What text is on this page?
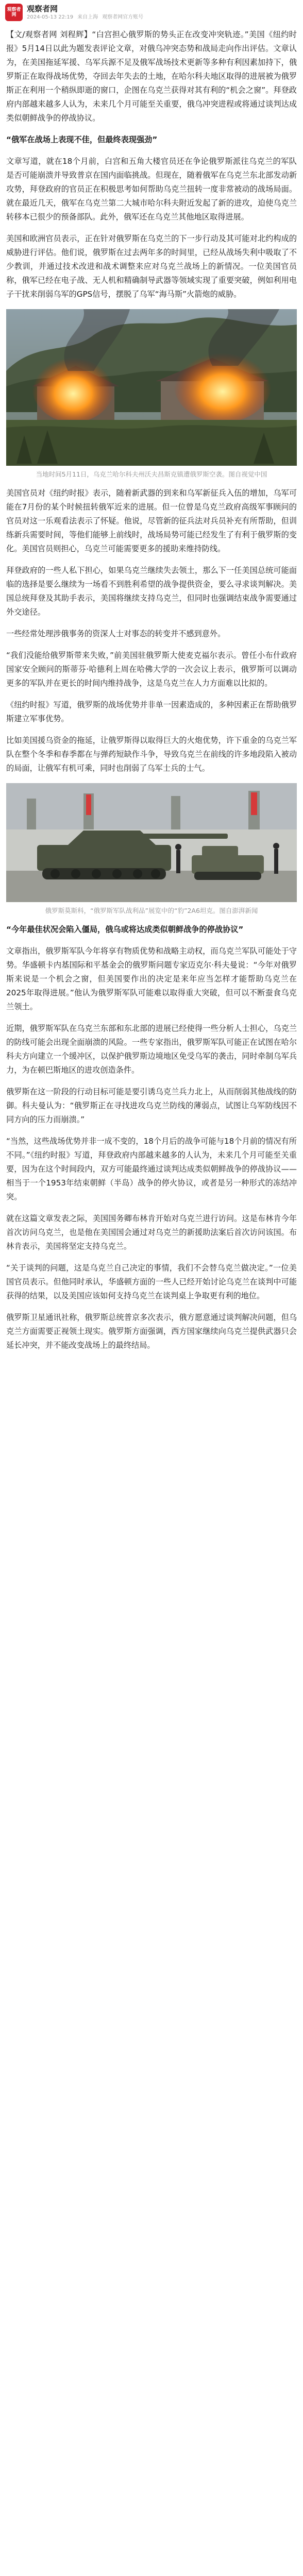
观察者网
观察者网
2024-05-13 22:19 来自上海 观察者网官方账号

【文/观察者网 刘程辉】“白宫担心俄罗斯的势头正在改变冲突轨迹。”美国《纽约时报》5月14日以此为题发表评论文章，对俄乌冲突态势和战局走向作出评估。文章认为，在美国拖延军援、乌军兵源不足及俄军战场技术更新等多种有利因素加持下，俄罗斯正在取得战场优势，夺回去年失去的土地，在哈尔科夫地区取得的进展被为俄罗斯正在利用一个稍纵即逝的窗口，企图在乌克兰获得对其有利的“机会之窗”。拜登政府内部越来越多人认为，未来几个月可能至关重要，俄乌冲突进程或将通过谈判达成类似朝鲜战争的停战协议。

“俄军在战场上表现不佳，但最终表现强劲”

文章写道，就在18个月前，白宫和五角大楼官员还在争论俄罗斯派往乌克兰的军队是否可能崩溃并导致普京在国内面临挑战。但现在，随着俄军在乌克兰东北部发动新攻势，拜登政府的官员正在积极思考如何帮助乌克兰扭转一度非常被动的战场局面。就在最近几天，俄军在乌克兰第二大城市哈尔科夫附近发起了新的进攻，迫使乌克兰转移本已很少的预备部队。此外，俄军还在乌克兰其他地区取得进展。

美国和欧洲官员表示，正在针对俄罗斯在乌克兰的下一步行动及其可能对北约构成的威胁进行评估。他们说，俄罗斯在过去两年多的时间里，已经从战场失利中吸取了不少教训，并通过技术改进和战术调整来应对乌克兰战场上的新情况。一位美国官员称，俄军已经在电子战、无人机和精确制导武器等领域实现了重要突破，例如利用电子干扰来削弱乌军的GPS信号，摆脱了乌军“海马斯”火箭炮的威胁。

当地时间5月11日，乌克兰哈尔科夫州沃夫昌斯克镇遭俄罗斯空袭。图自视觉中国

美国官员对《纽约时报》表示，随着新武器的到来和乌军新征兵入伍的增加，乌军可能在7月份的某个时候扭转俄军近来的进展。但一位曾是乌克兰政府高级军事顾问的官员对这一乐观看法表示了怀疑。他说，尽管新的征兵法对兵员补充有所帮助，但训练新兵需要时间，等他们能够上前线时，战场局势可能已经发生了有利于俄罗斯的变化。美国官员则担心，乌克兰可能需要更多的援助来维持防线。

拜登政府的一些人私下担心，如果乌克兰继续失去领土，那么下一任美国总统可能面临的选择是要么继续为一场看不到胜利希望的战争提供资金，要么寻求谈判解决。美国总统拜登及其助手表示，美国将继续支持乌克兰，但同时也强调结束战争需要通过外交途径。

一些经常处理涉俄事务的资深人士对事态的转变并不感到意外。

“我们没能给俄罗斯带来失败，”前美国驻俄罗斯大使麦克福尔表示。曾任小布什政府国家安全顾问的斯蒂芬·哈德利上周在哈佛大学的一次会议上表示，俄罗斯可以调动更多的军队并在更长的时间内维持战争，这是乌克兰在人力方面难以比拟的。

《纽约时报》写道，俄罗斯的战场优势并非单一因素造成的，多种因素正在帮助俄罗斯建立军事优势。

比如美国援乌资金的拖延，让俄罗斯得以取得巨大的火炮优势，许下重金的乌克兰军队在整个冬季和春季都在与弹药短缺作斗争，导致乌克兰在前线的许多地段陷入被动的局面，让俄军有机可乘，同时也削弱了乌军士兵的士气。

俄罗斯莫斯科，“俄罗斯军队战利品”展览中的“豹”2A6坦克。图自澎湃新闻

“今年最佳状况会陷入僵局，俄乌或将达成类似朝鲜战争的停战协议”

文章指出，俄罗斯军队今年将享有物质优势和战略主动权，而乌克兰军队可能处于守势。华盛顿卡内基国际和平基金会的俄罗斯问题专家迈克尔·科夫曼说：“今年对俄罗斯来说是一个机会之窗，但美国要作出的决定是来年应当怎样才能帮助乌克兰在2025年取得进展。”他认为俄罗斯军队可能难以取得重大突破，但可以不断蚕食乌克兰领土。

近期，俄罗斯军队在乌克兰东部和东北部的进展已经使得一些分析人士担心，乌克兰的防线可能会出现全面崩溃的风险。一些专家指出，俄罗斯军队可能正在试图在哈尔科夫方向建立一个缓冲区，以保护俄罗斯边境地区免受乌军的袭击，同时牵制乌军兵力，为在顿巴斯地区的进攻创造条件。

俄罗斯在这一阶段的行动目标可能是要引诱乌克兰兵力北上，从而削弱其他战线的防御。科夫曼认为：“俄罗斯正在寻找进攻乌克兰防线的薄弱点，试图让乌军防线因不同方向的压力而崩溃。”

“当然，这些战场优势并非一成不变的，18个月后的战争可能与18个月前的情况有所不同。”《纽约时报》写道，拜登政府内部越来越多的人认为，未来几个月可能至关重要，因为在这个时间段内，双方可能最终通过谈判达成类似朝鲜战争的停战协议——相当于一个1953年结束朝鲜（半岛）战争的停火协议，或者是另一种形式的冻结冲突。

就在这篇文章发表之际，美国国务卿布林肯开始对乌克兰进行访问。这是布林肯今年首次访问乌克兰，也是他在美国国会通过对乌克兰的新援助法案后首次访问该国。布林肯表示，美国将坚定支持乌克兰。

“关于谈判的问题，这是乌克兰自己决定的事情，我们不会替乌克兰做决定。”一位美国官员表示。但他同时承认，华盛顿方面的一些人已经开始讨论乌克兰在谈判中可能获得的结果，以及美国应该如何支持乌克兰在谈判桌上争取更有利的地位。

俄罗斯卫星通讯社称，俄罗斯总统普京多次表示，俄方愿意通过谈判解决问题，但乌克兰方面需要正视领土现实。俄罗斯方面强调，西方国家继续向乌克兰提供武器只会延长冲突，并不能改变战场上的最终结局。
